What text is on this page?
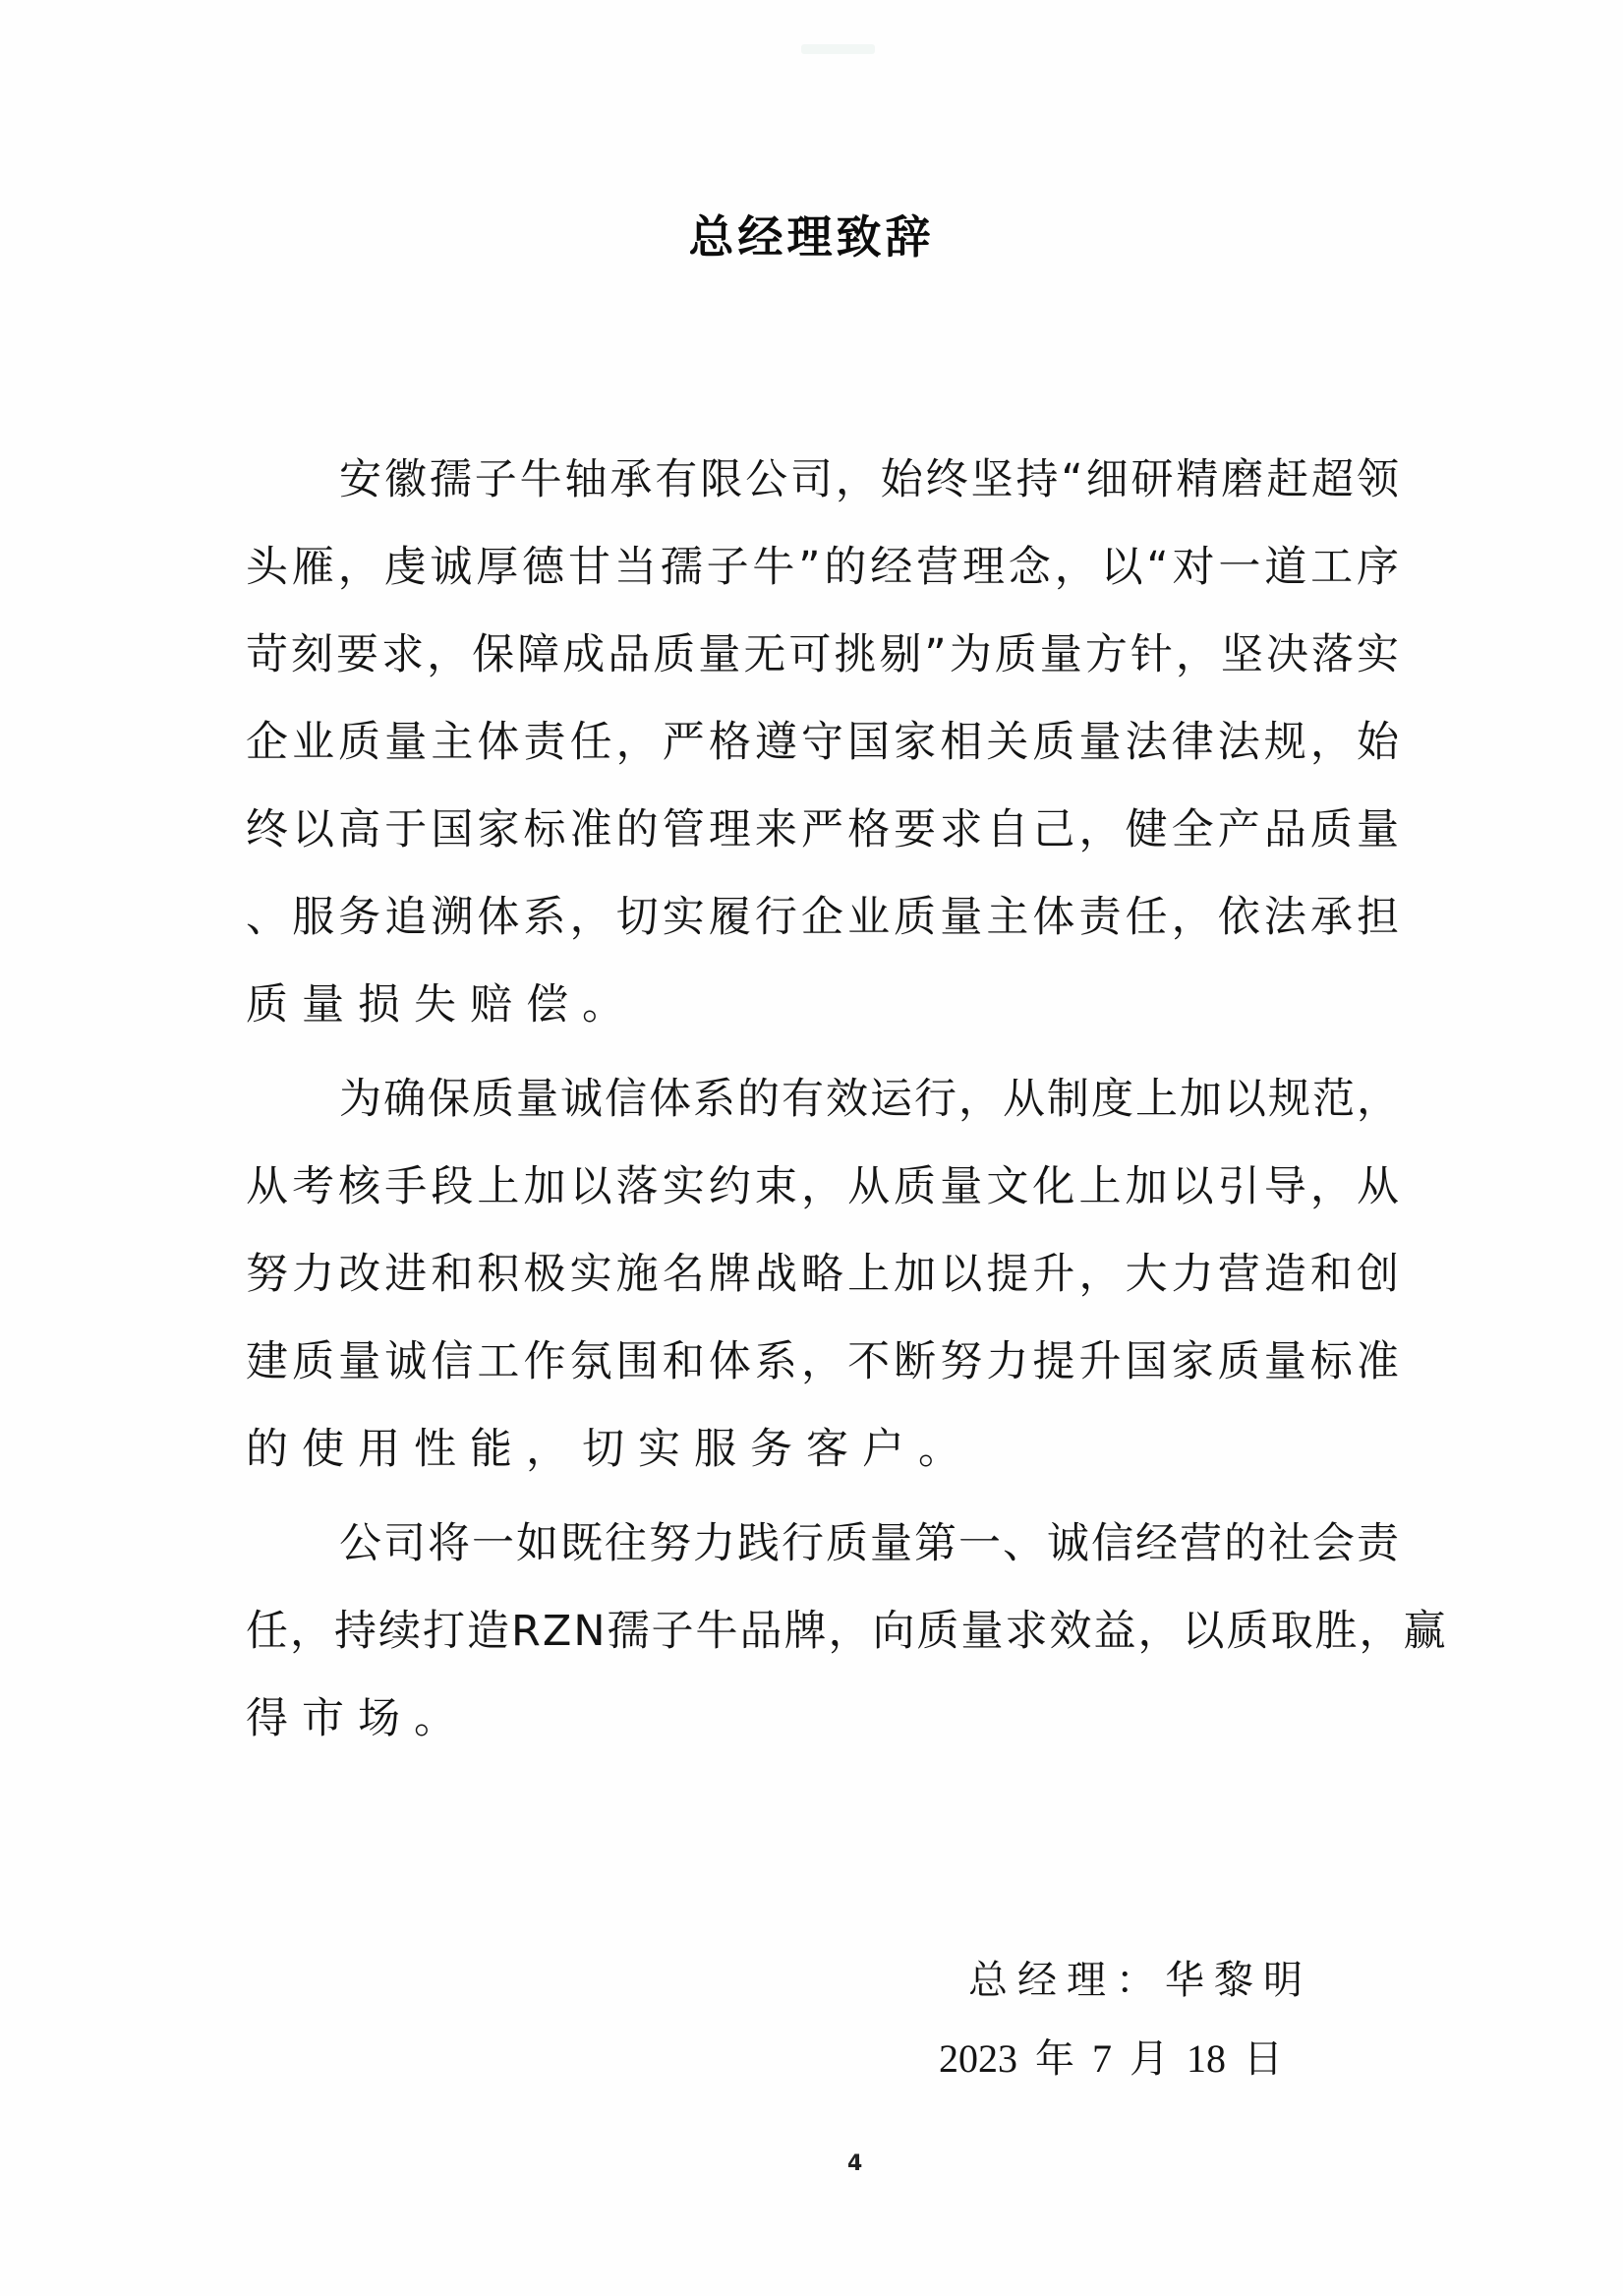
总经理致辞
安徽孺子牛轴承有限公司，始终坚持“细研精磨赶超领
头雁，虔诚厚德甘当孺子牛”的经营理念，以“对一道工序
苛刻要求，保障成品质量无可挑剔”为质量方针，坚决落实
企业质量主体责任，严格遵守国家相关质量法律法规，始
终以高于国家标准的管理来严格要求自己，健全产品质量
、服务追溯体系，切实履行企业质量主体责任，依法承担
质量损失赔偿。
为确保质量诚信体系的有效运行，从制度上加以规范，
从考核手段上加以落实约束，从质量文化上加以引导，从
努力改进和积极实施名牌战略上加以提升，大力营造和创
建质量诚信工作氛围和体系，不断努力提升国家质量标准
的使用性能，切实服务客户。
公司将一如既往努力践行质量第一、诚信经营的社会责
任，持续打造RZN孺子牛品牌，向质量求效益，以质取胜，赢
得市场。
总经理：华黎明
2023 年 7 月 18 日
4
